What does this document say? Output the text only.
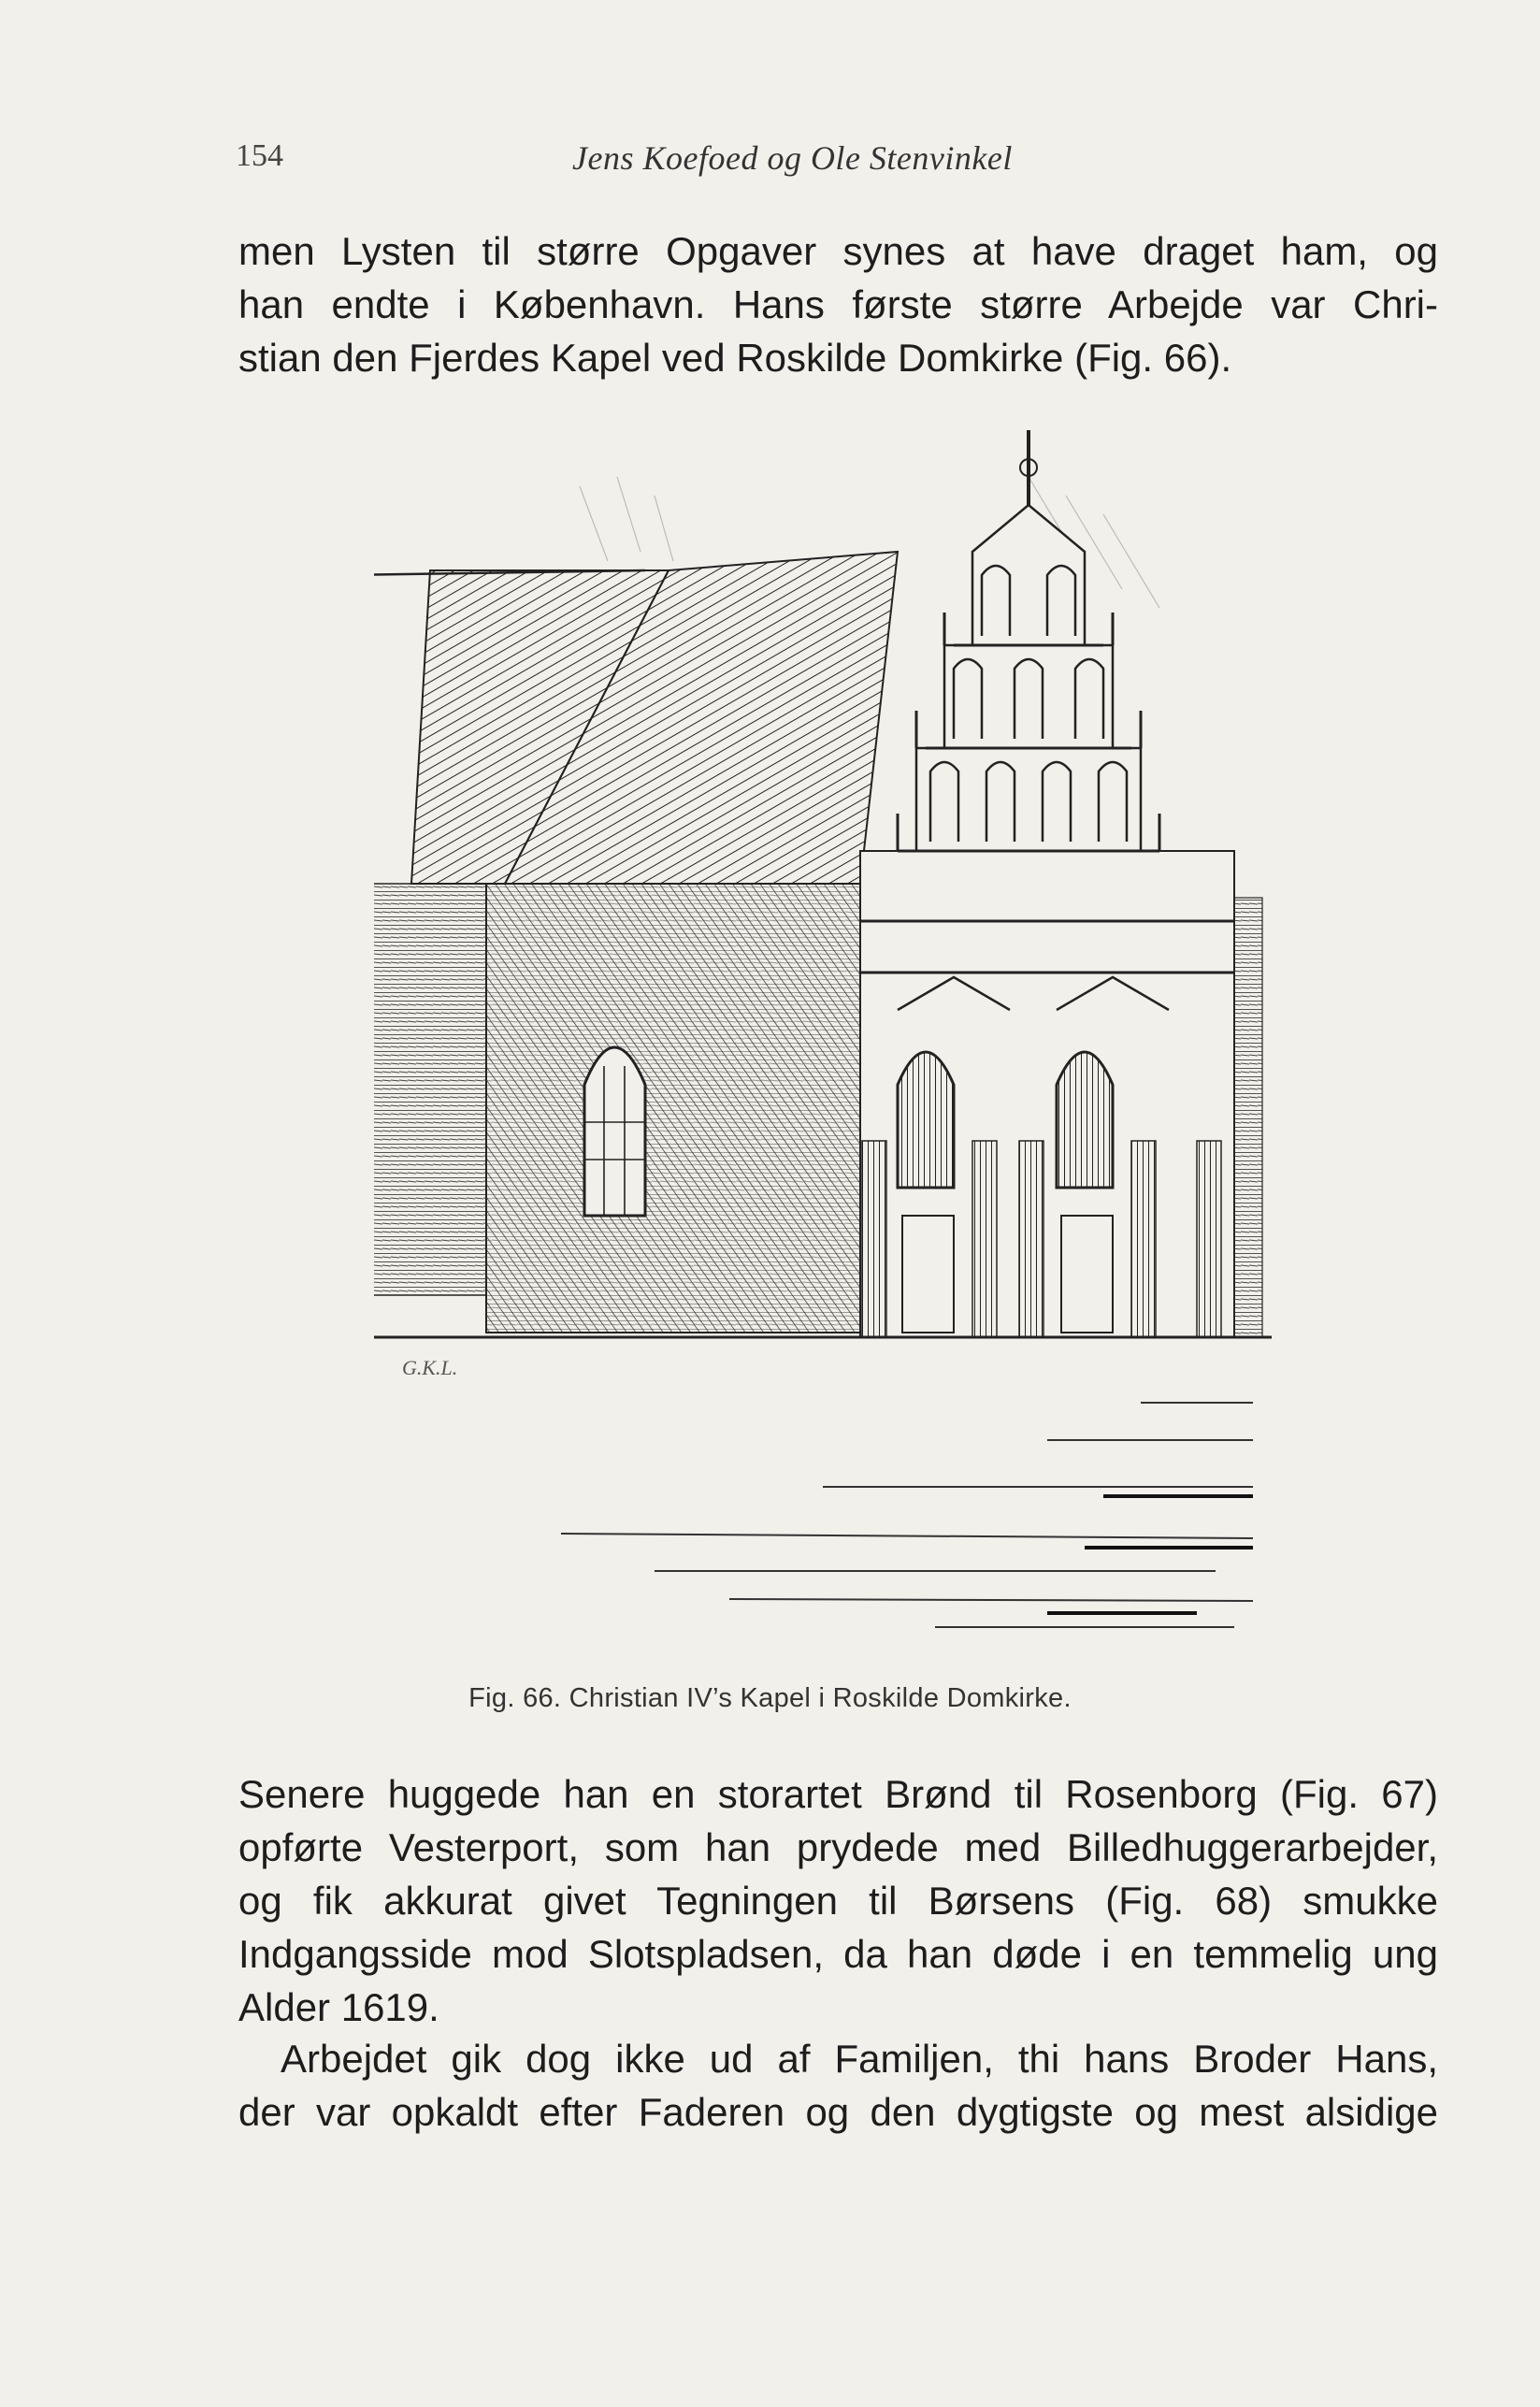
154	Jens Koefoed og Ole Stenvinkel

men Lysten til større Opgaver synes at have draget ham, og
han endte i København. Hans første større Arbejde var Chri-
stian den Fjerdes Kapel ved Roskilde Domkirke (Fig. 66).

G.K.L.
Fig. 66. Christian IV’s Kapel i Roskilde Domkirke.

Senere huggede han en storartet Brønd til Rosenborg (Fig. 67)
opførte Vesterport, som han prydede med Billedhuggerarbejder,
og fik akkurat givet Tegningen til Børsens (Fig. 68) smukke
Indgangsside mod Slotspladsen, da han døde i en temmelig ung
Alder 1619.

Arbejdet gik dog ikke ud af Familjen, thi hans Broder Hans,
der var opkaldt efter Faderen og den dygtigste og mest alsidige
